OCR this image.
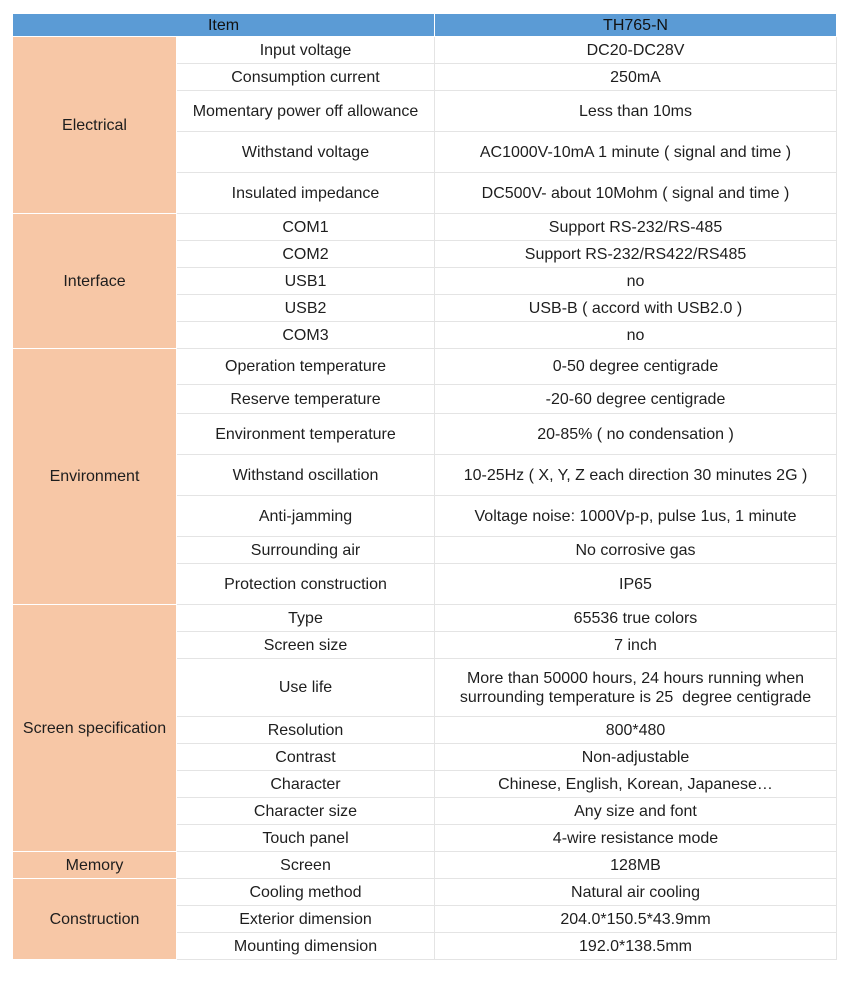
Item		TH765-N
Electrical	Input voltage	DC20-DC28V
	Consumption current	250mA
	Momentary power off allowance	Less than 10ms
	Withstand voltage	AC1000V-10mA 1 minute ( signal and time )
	Insulated impedance	DC500V- about 10Mohm ( signal and time )
Interface	COM1	Support RS-232/RS-485
	COM2	Support RS-232/RS422/RS485
	USB1	no
	USB2	USB-B ( accord with USB2.0 )
	COM3	no
Environment	Operation temperature	0-50 degree centigrade
	Reserve temperature	-20-60 degree centigrade
	Environment temperature	20-85% ( no condensation )
	Withstand oscillation	10-25Hz ( X, Y, Z each direction 30 minutes 2G )
	Anti-jamming	Voltage noise: 1000Vp-p, pulse 1us, 1 minute
	Surrounding air	No corrosive gas
	Protection construction	IP65
Screen specification	Type	65536 true colors
	Screen size	7 inch
	Use life	More than 50000 hours, 24 hours running when surrounding temperature is 25  degree centigrade
	Resolution	800*480
	Contrast	Non-adjustable
	Character	Chinese, English, Korean, Japanese…
	Character size	Any size and font
	Touch panel	4-wire resistance mode
Memory	Screen	128MB
Construction	Cooling method	Natural air cooling
	Exterior dimension	204.0*150.5*43.9mm
	Mounting dimension	192.0*138.5mm
